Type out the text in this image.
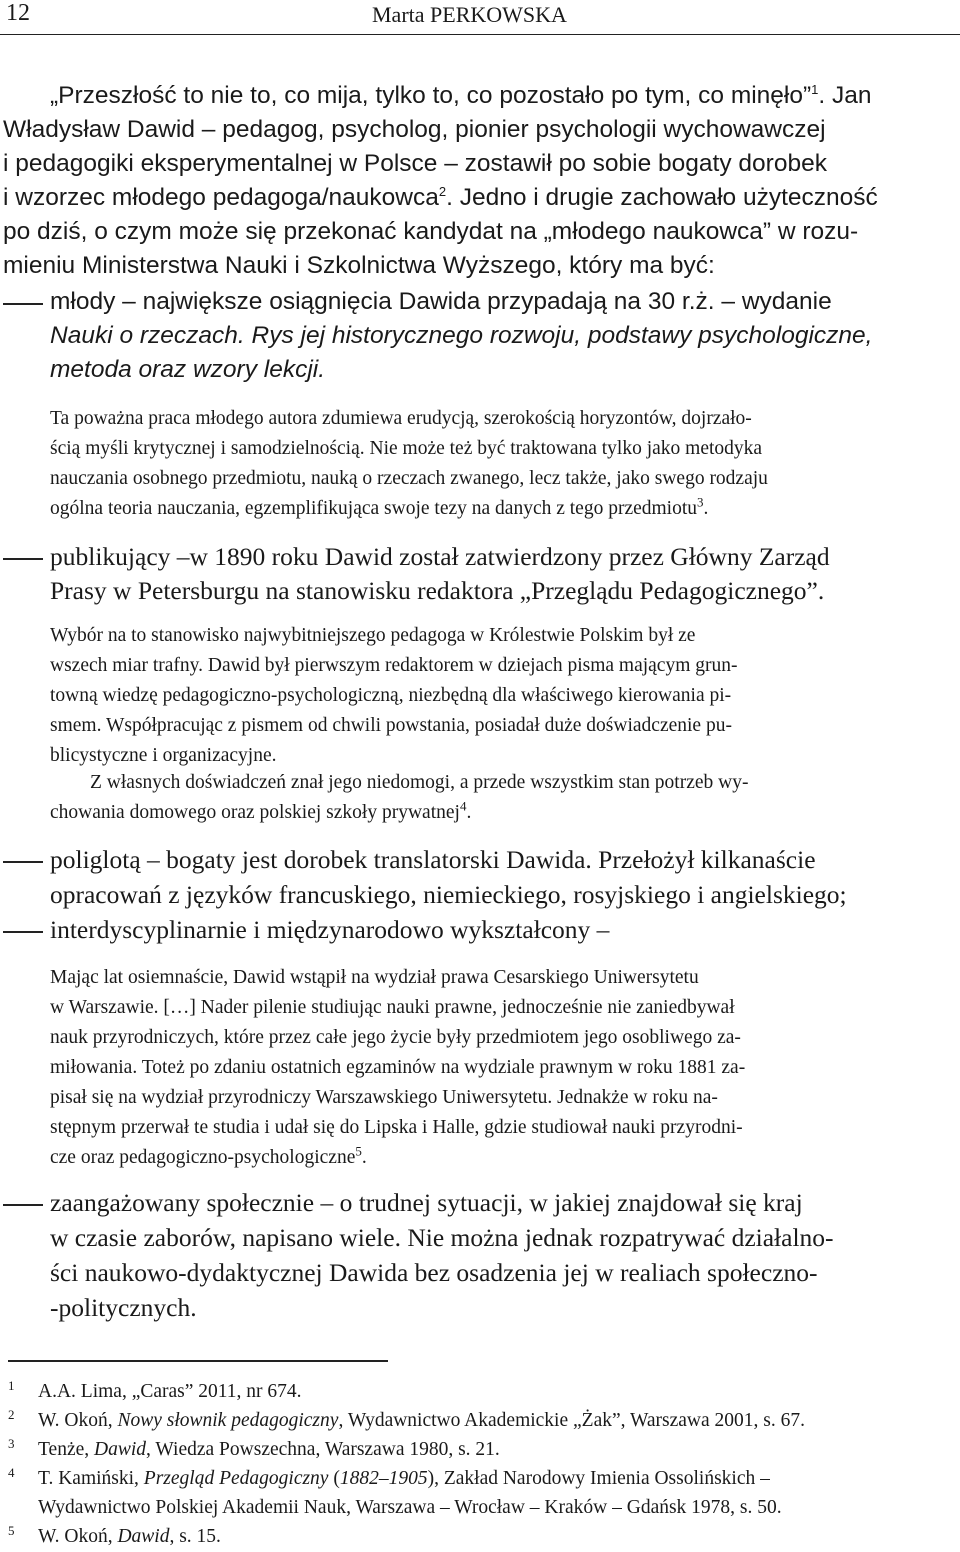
12	Marta PERKOWSKA
„Przeszłość to nie to, co mija, tylko to, co pozostało po tym, co minęło”$^1$. Jan
Władysław Dawid – pedagog, psycholog, pionier psychologii wychowawczej
i pedagogiki eksperymentalnej w Polsce – zostawił po sobie bogaty dorobek
i wzorzec młodego pedagoga/naukowca$^2$. Jedno i drugie zachowało użyteczność
po dziś, o czym może się przekonać kandydat na „młodego naukowca” w rozu-
mieniu Ministerstwa Nauki i Szkolnictwa Wyższego, który ma być:
młody – największe osiągnięcia Dawida przypadają na 30 r.ż. – wydanie
Nauki o rzeczach. Rys jej historycznego rozwoju, podstawy psychologiczne,
metoda oraz wzory lekcji.
Ta poważna praca młodego autora zdumiewa erudycją, szerokością horyzontów, dojrzało-
ścią myśli krytycznej i samodzielnością. Nie może też być traktowana tylko jako metodyka
nauczania osobnego przedmiotu, nauką o rzeczach zwanego, lecz także, jako swego rodzaju
ogólna teoria nauczania, egzemplifikująca swoje tezy na danych z tego przedmiotu$^3$.
publikujący –w 1890 roku Dawid został zatwierdzony przez Główny Zarząd
Prasy w Petersburgu na stanowisku redaktora „Przeglądu Pedagogicznego”.
Wybór na to stanowisko najwybitniejszego pedagoga w Królestwie Polskim był ze
wszech miar trafny. Dawid był pierwszym redaktorem w dziejach pisma mającym grun-
towną wiedzę pedagogiczno-psychologiczną, niezbędną dla właściwego kierowania pi-
smem. Współpracując z pismem od chwili powstania, posiadał duże doświadczenie pu-
blicystyczne i organizacyjne.
Z własnych doświadczeń znał jego niedomogi, a przede wszystkim stan potrzeb wy-
chowania domowego oraz polskiej szkoły prywatnej$^4$.
poliglotą – bogaty jest dorobek translatorski Dawida. Przełożył kilkanaście
opracowań z języków francuskiego, niemieckiego, rosyjskiego i angielskiego;
interdyscyplinarnie i międzynarodowo wykształcony –
Mając lat osiemnaście, Dawid wstąpił na wydział prawa Cesarskiego Uniwersytetu
w Warszawie. […] Nader pilenie studiując nauki prawne, jednocześnie nie zaniedbywał
nauk przyrodniczych, które przez całe jego życie były przedmiotem jego osobliwego za-
miłowania. Toteż po zdaniu ostatnich egzaminów na wydziale prawnym w roku 1881 za-
pisał się na wydział przyrodniczy Warszawskiego Uniwersytetu. Jednakże w roku na-
stępnym przerwał te studia i udał się do Lipska i Halle, gdzie studiował nauki przyrodni-
cze oraz pedagogiczno-psychologiczne$^5$.
zaangażowany społecznie – o trudnej sytuacji, w jakiej znajdował się kraj
w czasie zaborów, napisano wiele. Nie można jednak rozpatrywać działalno-
ści naukowo-dydaktycznej Dawida bez osadzenia jej w realiach społeczno-
-politycznych.
1 A.A. Lima, „Caras” 2011, nr 674.
2 W. Okoń, Nowy słownik pedagogiczny, Wydawnictwo Akademickie „Żak”, Warszawa 2001, s. 67.
3 Tenże, Dawid, Wiedza Powszechna, Warszawa 1980, s. 21.
4 T. Kamiński, Przegląd Pedagogiczny (1882–1905), Zakład Narodowy Imienia Ossolińskich –
Wydawnictwo Polskiej Akademii Nauk, Warszawa – Wrocław – Kraków – Gdańsk 1978, s. 50.
5 W. Okoń, Dawid, s. 15.
